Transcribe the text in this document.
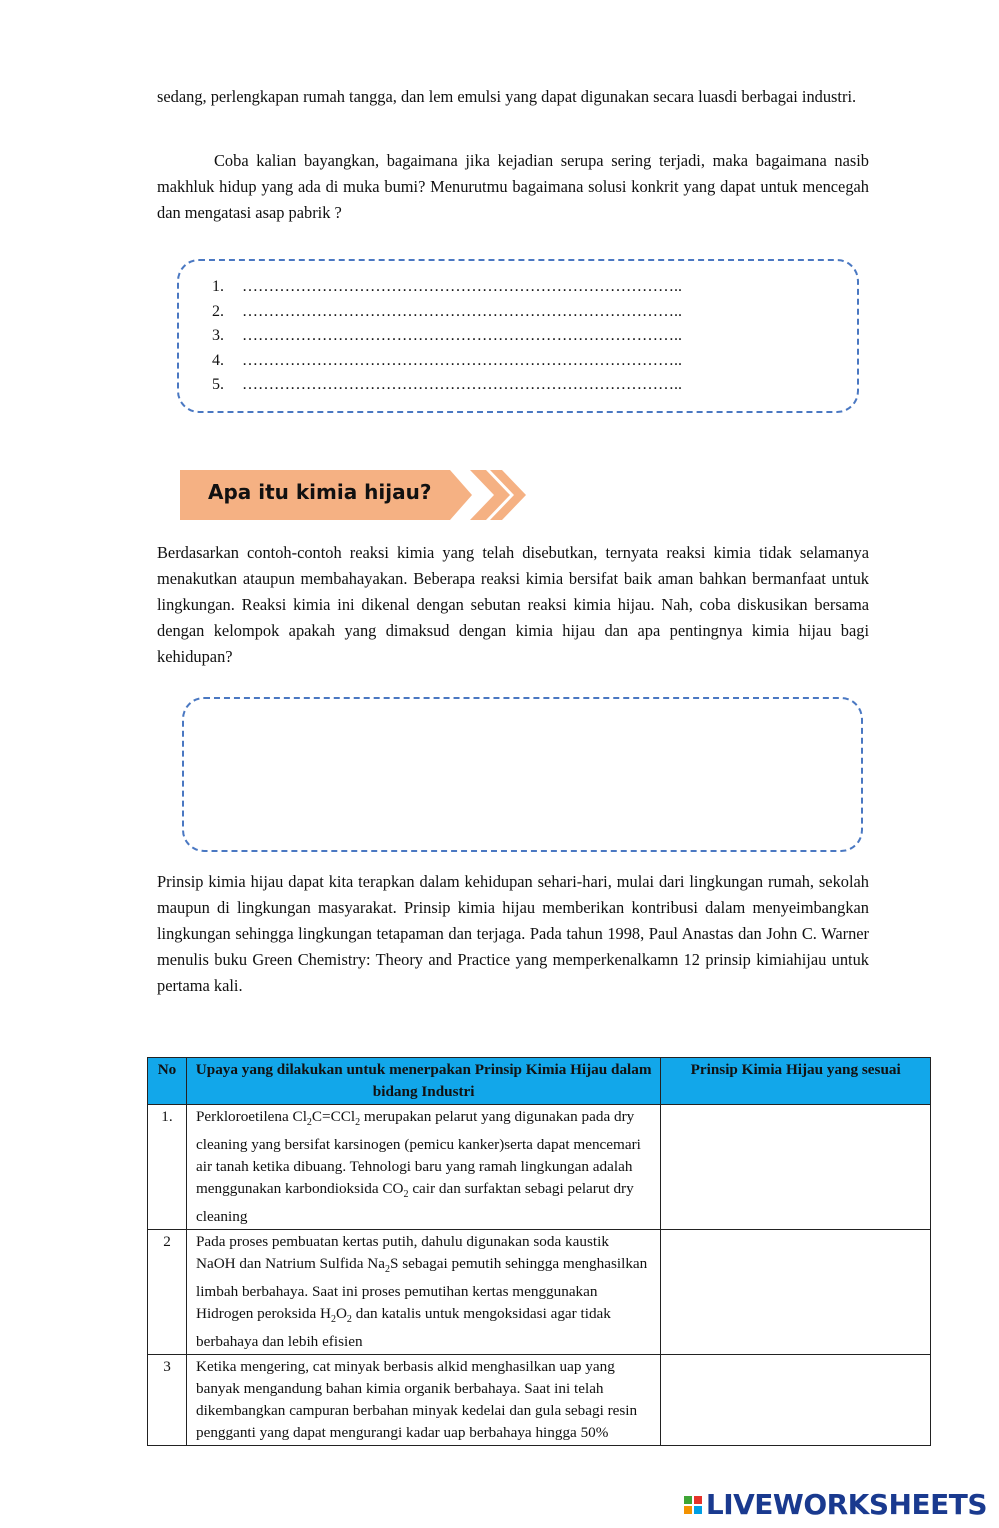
sedang, perlengkapan rumah tangga, dan lem emulsi yang dapat digunakan secara luasdi berbagai industri.

Coba kalian bayangkan, bagaimana jika kejadian serupa sering terjadi, maka bagaimana nasib makhluk hidup yang ada di muka bumi? Menurutmu bagaimana solusi konkrit yang dapat untuk mencegah dan mengatasi asap pabrik ?

1. ………………………………………………………………………..
2. ………………………………………………………………………..
3. ………………………………………………………………………..
4. ………………………………………………………………………..
5. ………………………………………………………………………..
Apa itu kimia hijau?

Berdasarkan contoh-contoh reaksi kimia yang telah disebutkan, ternyata reaksi kimia tidak selamanya menakutkan ataupun membahayakan. Beberapa reaksi kimia bersifat baik aman bahkan bermanfaat untuk lingkungan. Reaksi kimia ini dikenal dengan sebutan reaksi kimia hijau. Nah, coba diskusikan bersama dengan kelompok apakah yang dimaksud dengan kimia hijau dan apa pentingnya kimia hijau bagi kehidupan?

Prinsip kimia hijau dapat kita terapkan dalam kehidupan sehari-hari, mulai dari lingkungan rumah, sekolah maupun di lingkungan masyarakat. Prinsip kimia hijau memberikan kontribusi dalam menyeimbangkan lingkungan sehingga lingkungan tetapaman dan terjaga. Pada tahun 1998, Paul Anastas dan John C. Warner menulis buku Green Chemistry: Theory and Practice yang memperkenalkamn 12 prinsip kimiahijau untuk pertama kali.

No	Upaya yang dilakukan untuk menerpakan Prinsip Kimia Hijau dalam bidang Industri	Prinsip Kimia Hijau yang sesuai
1.	Perkloroetilena $Cl_2C=CCl_2$ merupakan pelarut yang digunakan pada dry cleaning yang bersifat karsinogen (pemicu kanker)serta dapat mencemari air tanah ketika dibuang. Tehnologi baru yang ramah lingkungan adalah menggunakan karbondioksida $CO_2$ cair dan surfaktan sebagi pelarut dry cleaning	
2	Pada proses pembuatan kertas putih, dahulu digunakan soda kaustik NaOH dan Natrium Sulfida $Na_2S$ sebagai pemutih sehingga menghasilkan limbah berbahaya. Saat ini proses pemutihan kertas menggunakan Hidrogen peroksida $H_2O_2$ dan katalis untuk mengoksidasi agar tidak berbahaya dan lebih efisien	
3	Ketika mengering, cat minyak berbasis alkid menghasilkan uap yang banyak mengandung bahan kimia organik berbahaya. Saat ini telah dikembangkan campuran berbahan minyak kedelai dan gula sebagi resin pengganti yang dapat mengurangi kadar uap berbahaya hingga 50%	
LIVEWORKSHEETS
